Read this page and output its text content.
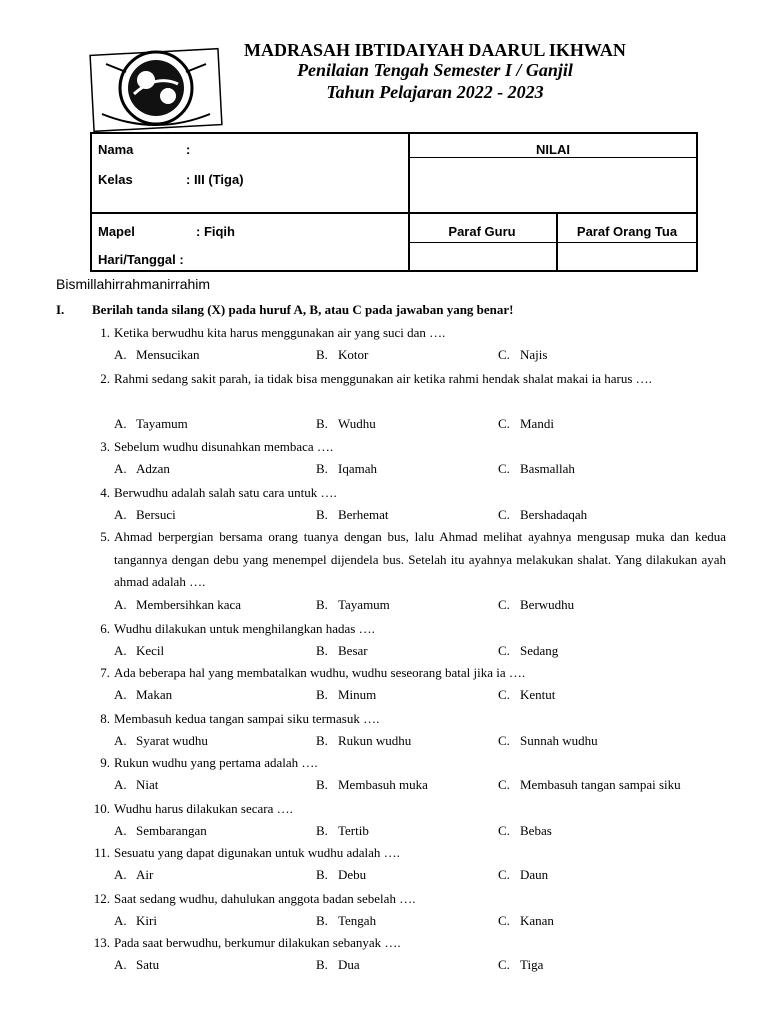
MADRASAH IBTIDAIYAH DAARUL IKHWAN
Penilaian Tengah Semester I / Ganjil
Tahun Pelajaran 2022 - 2023
Nama	:
Kelas	: III (Tiga)
NILAI
Mapel	: Fiqih
Hari/Tanggal :
Paraf Guru	Paraf Orang Tua
Bismillahirrahmanirrahim
I. Berilah tanda silang (X) pada huruf A, B, atau C pada jawaban yang benar!
1. Ketika berwudhu kita harus menggunakan air yang suci dan ….
A. Mensucikan	B. Kotor	C. Najis
2. Rahmi sedang sakit parah, ia tidak bisa menggunakan air ketika rahmi hendak shalat makai ia harus ….
A. Tayamum	B. Wudhu	C. Mandi
3. Sebelum wudhu disunahkan membaca ….
A. Adzan	B. Iqamah	C. Basmallah
4. Berwudhu adalah salah satu cara untuk ….
A. Bersuci	B. Berhemat	C. Bershadaqah
5. Ahmad berpergian bersama orang tuanya dengan bus, lalu Ahmad melihat ayahnya mengusap muka dan kedua tangannya dengan debu yang menempel dijendela bus. Setelah itu ayahnya melakukan shalat. Yang dilakukan ayah ahmad adalah ….
A. Membersihkan kaca	B. Tayamum	C. Berwudhu
6. Wudhu dilakukan untuk menghilangkan hadas ….
A. Kecil	B. Besar	C. Sedang
7. Ada beberapa hal yang membatalkan wudhu, wudhu seseorang batal jika ia ….
A. Makan	B. Minum	C. Kentut
8. Membasuh kedua tangan sampai siku termasuk ….
A. Syarat wudhu	B. Rukun wudhu	C. Sunnah wudhu
9. Rukun wudhu yang pertama adalah ….
A. Niat	B. Membasuh muka	C. Membasuh tangan sampai siku
10. Wudhu harus dilakukan secara ….
A. Sembarangan	B. Tertib	C. Bebas
11. Sesuatu yang dapat digunakan untuk wudhu adalah ….
A. Air	B. Debu	C. Daun
12. Saat sedang wudhu, dahulukan anggota badan sebelah ….
A. Kiri	B. Tengah	C. Kanan
13. Pada saat berwudhu, berkumur dilakukan sebanyak ….
A. Satu	B. Dua	C. Tiga
